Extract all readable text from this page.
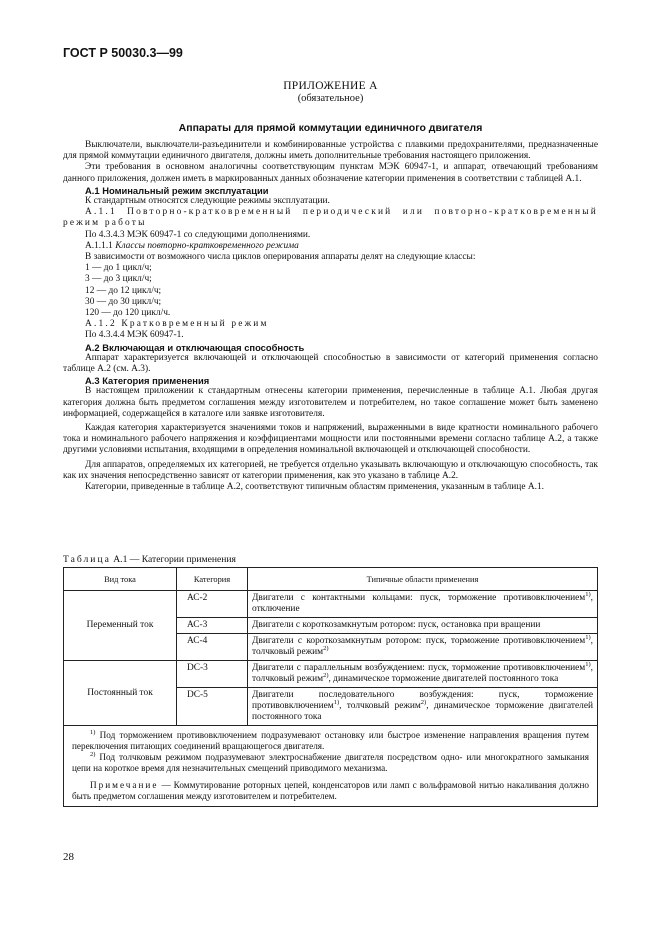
ГОСТ Р 50030.3—99
ПРИЛОЖЕНИЕ А
(обязательное)
Аппараты для прямой коммутации единичного двигателя

Выключатели, выключатели-разъединители и комбинированные устройства с плавкими предохранителями, предназначенные для прямой коммутации единичного двигателя, должны иметь дополнительные требования настоящего приложения.

Эти требования в основном аналогичны соответствующим пунктам МЭК 60947-1, и аппарат, отвечающий требованиям данного приложения, должен иметь в маркированных данных обозначение категории применения в соответствии с таблицей А.1.

А.1 Номинальный режим эксплуатации

К стандартным относятся следующие режимы эксплуатации.

А.1.1 Повторно-кратковременный периодический или повторно-кратковременный режим работы

По 4.3.4.3 МЭК 60947-1 со следующими дополнениями.

А.1.1.1 Классы повторно-кратковременного режима

В зависимости от возможного числа циклов оперирования аппараты делят на следующие классы:

1 — до 1 цикл/ч;

3 — до 3 цикл/ч;

12 — до 12 цикл/ч;

30 — до 30 цикл/ч;

120 — до 120 цикл/ч.

А.1.2 Кратковременный режим

По 4.3.4.4 МЭК 60947-1.

А.2 Включающая и отключающая способность

Аппарат характеризуется включающей и отключающей способностью в зависимости от категорий применения согласно таблице А.2 (см. А.3).

А.3 Категория применения

В настоящем приложении к стандартным отнесены категории применения, перечисленные в таблице А.1. Любая другая категория должна быть предметом соглашения между изготовителем и потребителем, но такое соглашение может быть заменено информацией, содержащейся в каталоге или заявке изготовителя.

Каждая категория характеризуется значениями токов и напряжений, выраженными в виде кратности номинального рабочего тока и номинального рабочего напряжения и коэффициентами мощности или постоянными времени согласно таблице А.2, а также другими условиями испытания, входящими в определения номинальной включающей и отключающей способности.

Для аппаратов, определяемых их категорией, не требуется отдельно указывать включающую и отключающую способность, так как их значения непосредственно зависят от категории применения, как это указано в таблице А.2.

Категории, приведенные в таблице А.2, соответствуют типичным областям применения, указанным в таблице А.1.

Таблица А.1 — Категории применения
Вид тока	Категория	Типичные области применения
Переменный ток	АС-2	Двигатели с контактными кольцами: пуск, торможение противовключением$^{1)}$, отключение
	АС-3	Двигатели с короткозамкнутым ротором: пуск, остановка при вращении
	АС-4	Двигатели с короткозамкнутым ротором: пуск, торможение противовключением$^{1)}$, толчковый режим$^{2)}$
Постоянный ток	DC-3	Двигатели с параллельным возбуждением: пуск, торможение противовключением$^{1)}$, толчковый режим$^{2)}$, динамическое торможение двигателей постоянного тока
	DC-5	Двигатели последовательного возбуждения: пуск, торможение противовключением$^{1)}$, толчковый режим$^{2)}$, динамическое торможение двигателей постоянного тока

$^{1)}$ Под торможением противовключением подразумевают остановку или быстрое изменение направления вращения путем переключения питающих соединений вращающегося двигателя.

$^{2)}$ Под толчковым режимом подразумевают электроснабжение двигателя посредством одно- или многократного замыкания цепи на короткое время для незначительных смещений приводимого механизма.

Примечание — Коммутирование роторных цепей, конденсаторов или ламп с вольфрамовой нитью накаливания должно быть предметом соглашения между изготовителем и потребителем.		

28
